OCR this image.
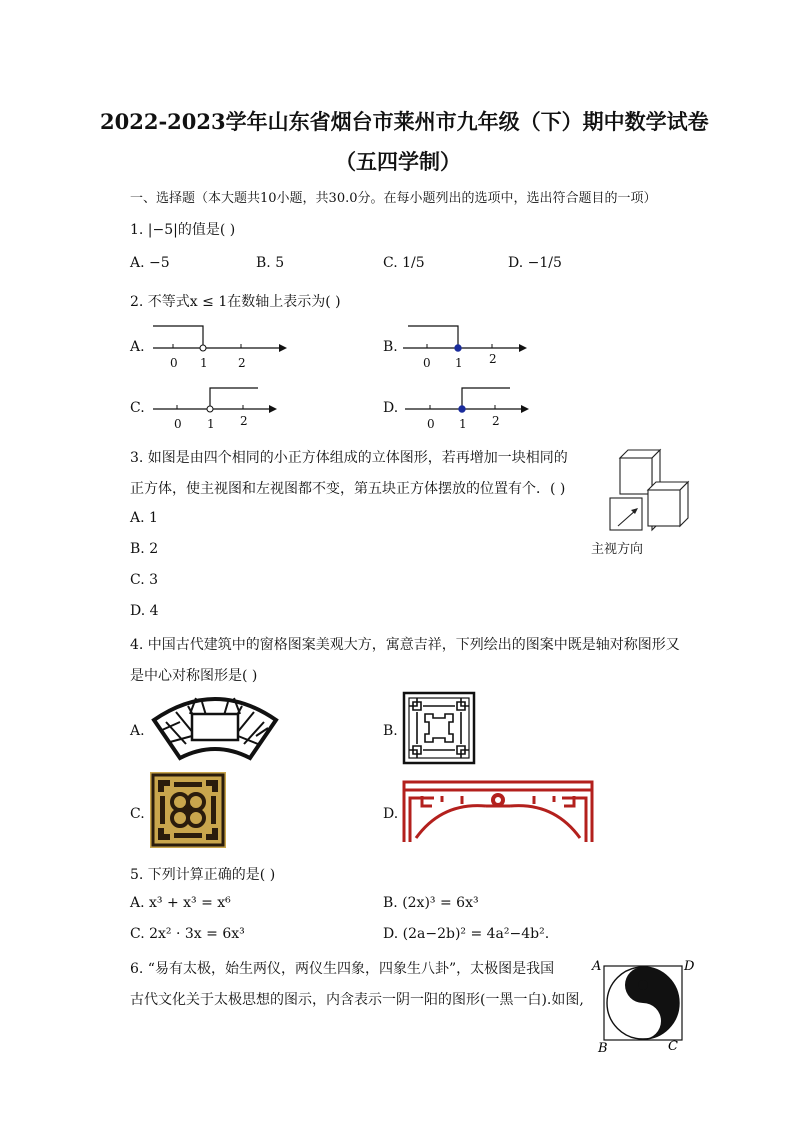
2022-2023学年山东省烟台市莱州市九年级（下）期中数学试卷
（五四学制）
一、选择题（本大题共10小题，共30.0分。在每小题列出的选项中，选出符合题目的一项）
1. |−5|的值是( )
A. −5	B. 5	C. 1/5	D. −1/5
2. 不等式x ≤ 1在数轴上表示为( )
A.
0 1	2
B.
0 1 2
C.
0 1 2
D.
0 1 2
3. 如图是由四个相同的小正方体组成的立体图形，若再增加一块相同的
正方体，使主视图和左视图都不变，第五块正方体摆放的位置有个．( )
A. 1
B. 2
C. 3
D. 4
主视方向
4. 中国古代建筑中的窗格图案美观大方，寓意吉祥，下列绘出的图案中既是轴对称图形又
是中心对称图形是( )
A.	B.
C.	D.
5. 下列计算正确的是( )
A. x³ + x³ = x⁶	B. (2x)³ = 6x³
C. 2x² · 3x = 6x³	D. (2a−2b)² = 4a²−4b².
6. “易有太极，始生两仪，两仪生四象，四象生八卦”，太极图是我国
古代文化关于太极思想的图示，内含表示一阴一阳的图形(一黑一白).如图,
A	D
B	C
